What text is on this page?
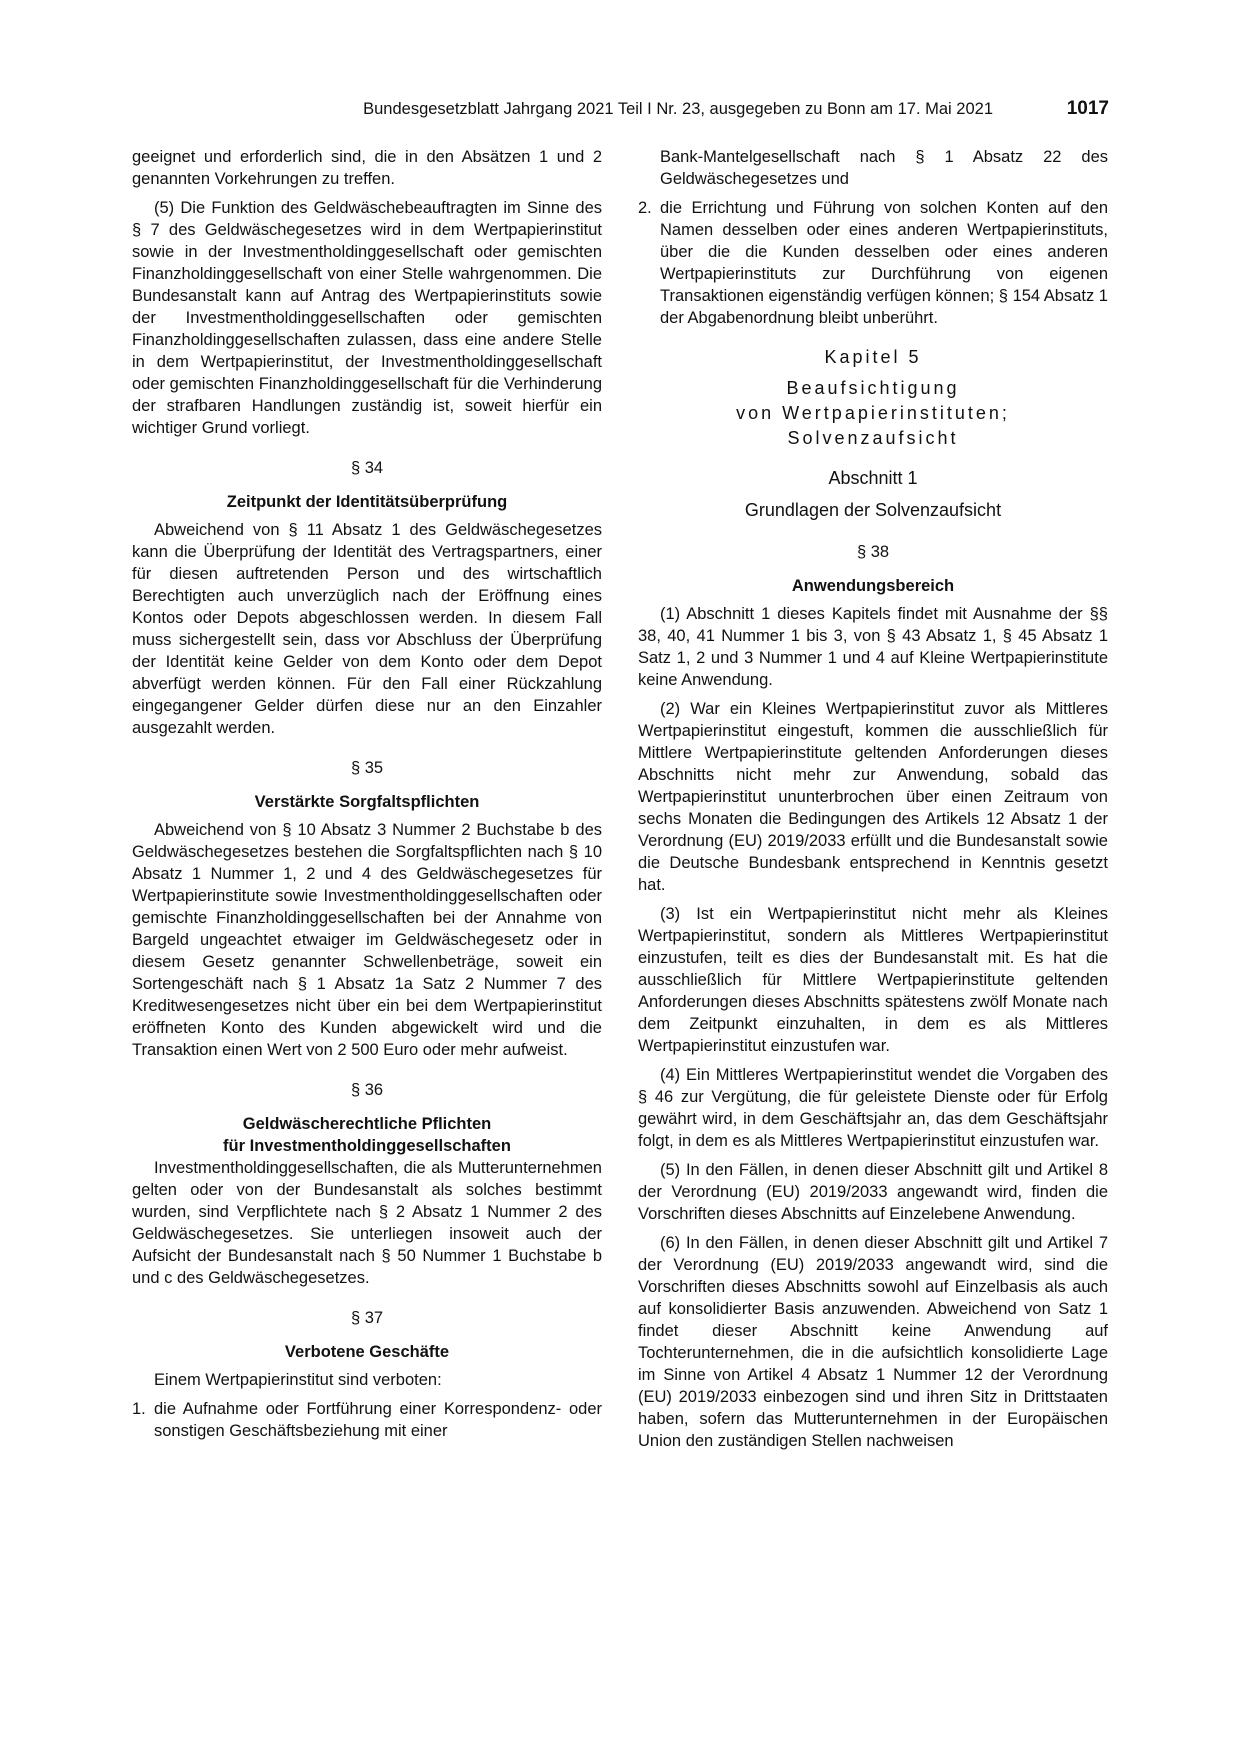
Bundesgesetzblatt Jahrgang 2021 Teil I Nr. 23, ausgegeben zu Bonn am 17. Mai 2021	1017

geeignet und erforderlich sind, die in den Absätzen 1 und 2 genannten Vorkehrungen zu treffen.

(5) Die Funktion des Geldwäschebeauftragten im Sinne des § 7 des Geldwäschegesetzes wird in dem Wertpapierinstitut sowie in der Investmentholdinggesellschaft oder gemischten Finanzholdinggesellschaft von einer Stelle wahrgenommen. Die Bundesanstalt kann auf Antrag des Wertpapierinstituts sowie der Investmentholdinggesellschaften oder gemischten Finanzholdinggesellschaften zulassen, dass eine andere Stelle in dem Wertpapierinstitut, der Investmentholdinggesellschaft oder gemischten Finanzholdinggesellschaft für die Verhinderung der strafbaren Handlungen zuständig ist, soweit hierfür ein wichtiger Grund vorliegt.

§ 34
Zeitpunkt der Identitätsüberprüfung

Abweichend von § 11 Absatz 1 des Geldwäschegesetzes kann die Überprüfung der Identität des Vertragspartners, einer für diesen auftretenden Person und des wirtschaftlich Berechtigten auch unverzüglich nach der Eröffnung eines Kontos oder Depots abgeschlossen werden. In diesem Fall muss sichergestellt sein, dass vor Abschluss der Überprüfung der Identität keine Gelder von dem Konto oder dem Depot abverfügt werden können. Für den Fall einer Rückzahlung eingegangener Gelder dürfen diese nur an den Einzahler ausgezahlt werden.

§ 35
Verstärkte Sorgfaltspflichten

Abweichend von § 10 Absatz 3 Nummer 2 Buchstabe b des Geldwäschegesetzes bestehen die Sorgfaltspflichten nach § 10 Absatz 1 Nummer 1, 2 und 4 des Geldwäschegesetzes für Wertpapierinstitute sowie Investmentholdinggesellschaften oder gemischte Finanzholdinggesellschaften bei der Annahme von Bargeld ungeachtet etwaiger im Geldwäschegesetz oder in diesem Gesetz genannter Schwellenbeträge, soweit ein Sortengeschäft nach § 1 Absatz 1a Satz 2 Nummer 7 des Kreditwesengesetzes nicht über ein bei dem Wertpapierinstitut eröffneten Konto des Kunden abgewickelt wird und die Transaktion einen Wert von 2 500 Euro oder mehr aufweist.

§ 36
Geldwäscherechtliche Pflichten
für Investmentholdinggesellschaften

Investmentholdinggesellschaften, die als Mutterunternehmen gelten oder von der Bundesanstalt als solches bestimmt wurden, sind Verpflichtete nach § 2 Absatz 1 Nummer 2 des Geldwäschegesetzes. Sie unterliegen insoweit auch der Aufsicht der Bundesanstalt nach § 50 Nummer 1 Buchstabe b und c des Geldwäschegesetzes.

§ 37
Verbotene Geschäfte

Einem Wertpapierinstitut sind verboten:

1. die Aufnahme oder Fortführung einer Korrespondenz- oder sonstigen Geschäftsbeziehung mit einer

Bank-Mantelgesellschaft nach § 1 Absatz 22 des Geldwäschegesetzes und

2. die Errichtung und Führung von solchen Konten auf den Namen desselben oder eines anderen Wertpapierinstituts, über die die Kunden desselben oder eines anderen Wertpapierinstituts zur Durchführung von eigenen Transaktionen eigenständig verfügen können; § 154 Absatz 1 der Abgabenordnung bleibt unberührt.
Kapitel 5
Beaufsichtigung
von Wertpapierinstituten;
Solvenzaufsicht
Abschnitt 1
Grundlagen der Solvenzaufsicht
§ 38
Anwendungsbereich

(1) Abschnitt 1 dieses Kapitels findet mit Ausnahme der §§ 38, 40, 41 Nummer 1 bis 3, von § 43 Absatz 1, § 45 Absatz 1 Satz 1, 2 und 3 Nummer 1 und 4 auf Kleine Wertpapierinstitute keine Anwendung.

(2) War ein Kleines Wertpapierinstitut zuvor als Mittleres Wertpapierinstitut eingestuft, kommen die ausschließlich für Mittlere Wertpapierinstitute geltenden Anforderungen dieses Abschnitts nicht mehr zur Anwendung, sobald das Wertpapierinstitut ununterbrochen über einen Zeitraum von sechs Monaten die Bedingungen des Artikels 12 Absatz 1 der Verordnung (EU) 2019/2033 erfüllt und die Bundesanstalt sowie die Deutsche Bundesbank entsprechend in Kenntnis gesetzt hat.

(3) Ist ein Wertpapierinstitut nicht mehr als Kleines Wertpapierinstitut, sondern als Mittleres Wertpapierinstitut einzustufen, teilt es dies der Bundesanstalt mit. Es hat die ausschließlich für Mittlere Wertpapierinstitute geltenden Anforderungen dieses Abschnitts spätestens zwölf Monate nach dem Zeitpunkt einzuhalten, in dem es als Mittleres Wertpapierinstitut einzustufen war.

(4) Ein Mittleres Wertpapierinstitut wendet die Vorgaben des § 46 zur Vergütung, die für geleistete Dienste oder für Erfolg gewährt wird, in dem Geschäftsjahr an, das dem Geschäftsjahr folgt, in dem es als Mittleres Wertpapierinstitut einzustufen war.

(5) In den Fällen, in denen dieser Abschnitt gilt und Artikel 8 der Verordnung (EU) 2019/2033 angewandt wird, finden die Vorschriften dieses Abschnitts auf Einzelebene Anwendung.

(6) In den Fällen, in denen dieser Abschnitt gilt und Artikel 7 der Verordnung (EU) 2019/2033 angewandt wird, sind die Vorschriften dieses Abschnitts sowohl auf Einzelbasis als auch auf konsolidierter Basis anzuwenden. Abweichend von Satz 1 findet dieser Abschnitt keine Anwendung auf Tochterunternehmen, die in die aufsichtlich konsolidierte Lage im Sinne von Artikel 4 Absatz 1 Nummer 12 der Verordnung (EU) 2019/2033 einbezogen sind und ihren Sitz in Drittstaaten haben, sofern das Mutterunternehmen in der Europäischen Union den zuständigen Stellen nachweisen
